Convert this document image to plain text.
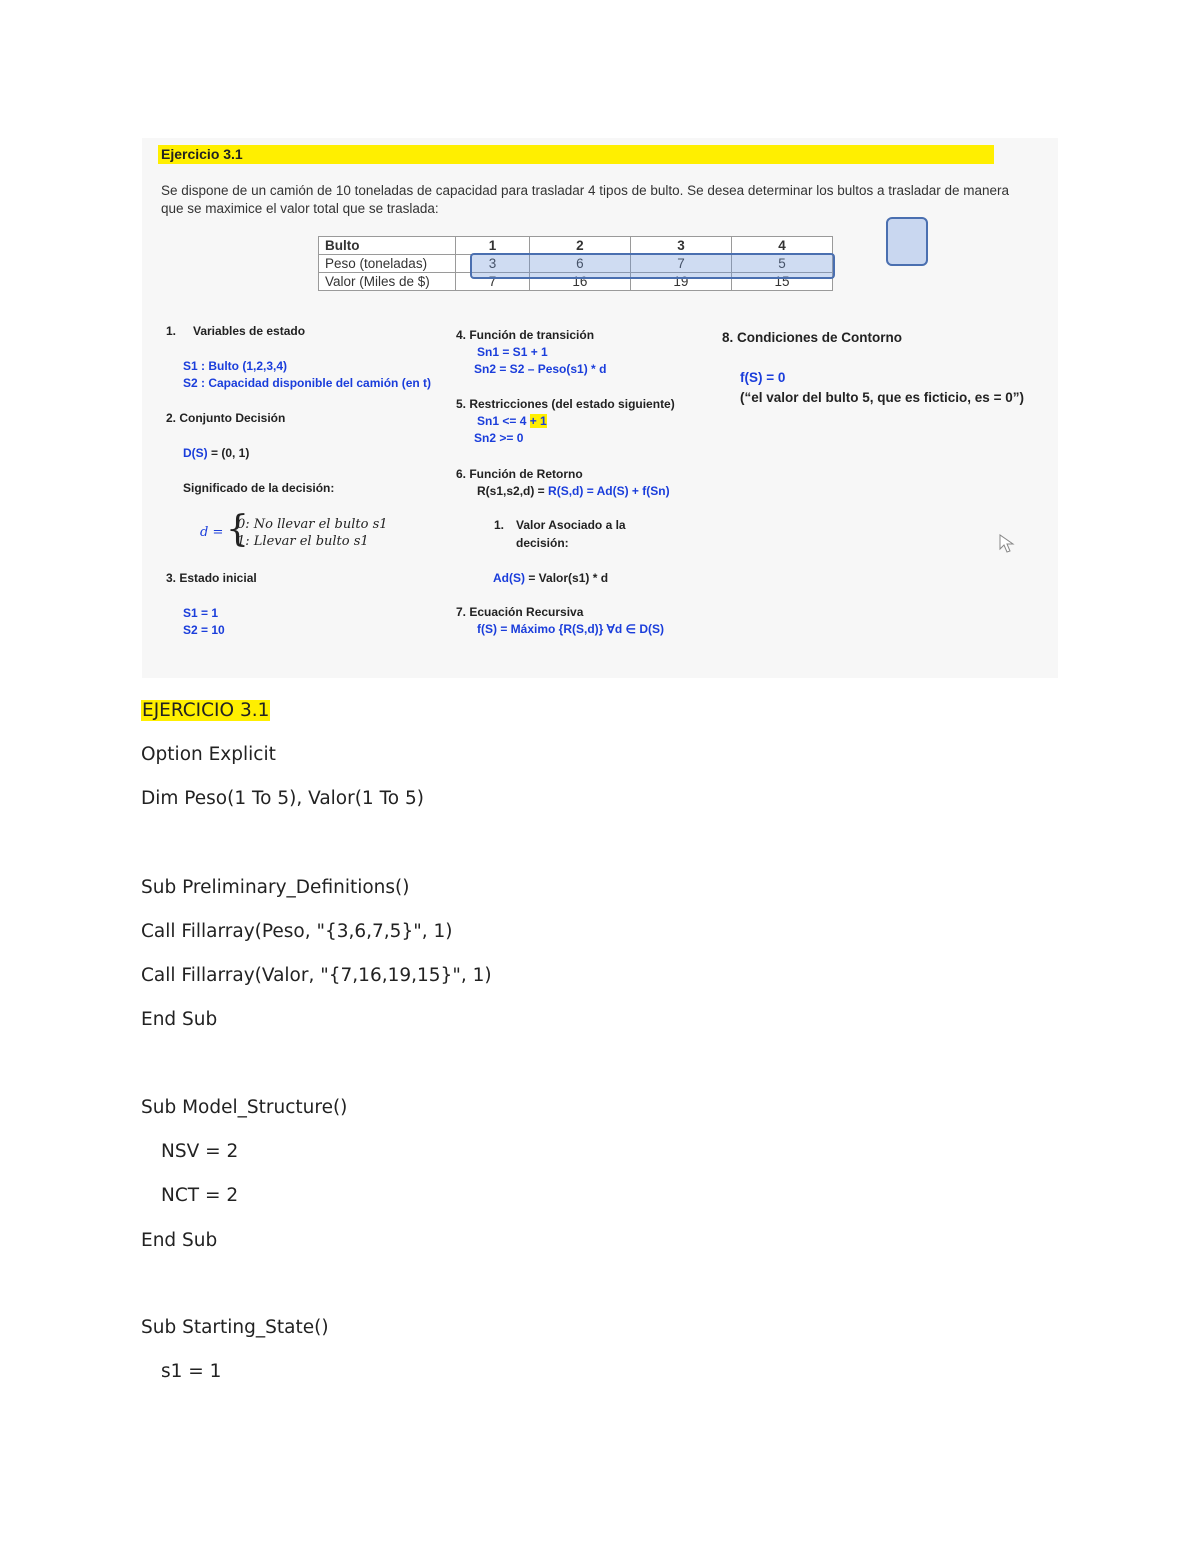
Ejercicio 3.1
Se dispone de un camión de 10 toneladas de capacidad para trasladar 4 tipos de bulto. Se desea determinar los bultos a trasladar de manera
que se maximice el valor total que se traslada:
Bulto	1	2	3	4
Peso (toneladas)	3	6	7	5
Valor (Miles de $)	7	16	19	15
1. Variables de estado
S1 : Bulto (1,2,3,4)
S2 : Capacidad disponible del camión (en t)
2. Conjunto Decisión
D(S) = (0, 1)
Significado de la decisión:
d = {
0: No llevar el bulto s1
1: Llevar el bulto s1
3. Estado inicial
S1 = 1
S2 = 10
4. Función de transición
Sn1 = S1 + 1
Sn2 = S2 – Peso(s1) * d
5. Restricciones (del estado siguiente)
Sn1 <= 4 + 1
Sn2 >= 0
6. Función de Retorno
R(s1,s2,d) = R(S,d) = Ad(S) + f(Sn)
1. Valor Asociado a la
decisión:
Ad(S) = Valor(s1) * d
7. Ecuación Recursiva
f(S) = Máximo {R(S,d)} ∀d ∈ D(S)
8. Condiciones de Contorno
f(S) = 0
(“el valor del bulto 5, que es ficticio, es = 0”)
EJERCICIO 3.1
Option Explicit
Dim Peso(1 To 5), Valor(1 To 5)
Sub Preliminary_Definitions()
Call Fillarray(Peso, "{3,6,7,5}", 1)
Call Fillarray(Valor, "{7,16,19,15}", 1)
End Sub
Sub Model_Structure()
NSV = 2
NCT = 2
End Sub
Sub Starting_State()
s1 = 1
